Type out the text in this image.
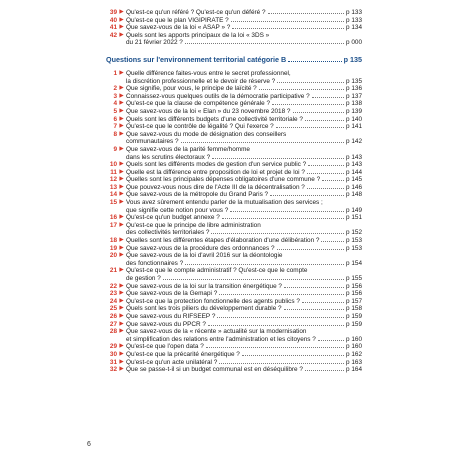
39 ▶ Qu'est-ce qu'un référé ? Qu'est-ce qu'un déféré ?	p 133
40 ▶ Qu'est-ce que le plan VIGIPIRATE ?	p 133
41 ▶ Que savez-vous de la loi « ASAP » ?	p 134
42 ▶ Quels sont les apports principaux de la loi « 3DS »
du 21 février 2022 ?	p 000
Questions sur l'environnement territorial catégorie B	p 135
1 ▶ Quelle différence faites-vous entre le secret professionnel,
la discrétion professionnelle et le devoir de réserve ?	p 135
2 ▶ Que signifie, pour vous, le principe de laïcité ?	p 136
3 ▶ Connaissez-vous quelques outils de la démocratie participative ?	p 137
4 ▶ Qu'est-ce que la clause de compétence générale ?	p 138
5 ▶ Que savez-vous de la loi « Elan » du 23 novembre 2018 ?	p 139
6 ▶ Quels sont les différents budgets d'une collectivité territoriale ?	p 140
7 ▶ Qu'est-ce que le contrôle de légalité ? Qui l'exerce ?	p 141
8 ▶ Que savez-vous du mode de désignation des conseillers
communautaires ?	p 142
9 ▶ Que savez-vous de la parité femme/homme
dans les scrutins électoraux ?	p 143
10 ▶ Quels sont les différents modes de gestion d'un service public ?	p 143
11 ▶ Quelle est la différence entre proposition de loi et projet de loi ?	p 144
12 ▶ Quelles sont les principales dépenses obligatoires d'une commune ?	p 145
13 ▶ Que pouvez-vous nous dire de l'Acte III de la décentralisation ?	p 146
14 ▶ Que savez-vous de la métropole du Grand Paris ?	p 148
15 ▶ Vous avez sûrement entendu parler de la mutualisation des services ;
que signifie cette notion pour vous ?	p 149
16 ▶ Qu'est-ce qu'un budget annexe ?	p 151
17 ▶ Qu'est-ce que le principe de libre administration
des collectivités territoriales ?	p 152
18 ▶ Quelles sont les différentes étapes d'élaboration d'une délibération ?	p 153
19 ▶ Que savez-vous de la procédure des ordonnances ?	p 153
20 ▶ Que savez-vous de la loi d'avril 2016 sur la déontologie
des fonctionnaires ?	p 154
21 ▶ Qu'est-ce que le compte administratif ? Qu'est-ce que le compte
de gestion ?	p 155
22 ▶ Que savez-vous de la loi sur la transition énergétique ?	p 156
23 ▶ Que savez-vous de la Gemapi ?	p 156
24 ▶ Qu'est-ce que la protection fonctionnelle des agents publics ?	p 157
25 ▶ Quels sont les trois piliers du développement durable ?	p 158
26 ▶ Que savez-vous du RIFSEEP ?	p 159
27 ▶ Que savez-vous du PPCR ?	p 159
28 ▶ Que savez-vous de la « récente » actualité sur la modernisation
et simplification des relations entre l'administration et les citoyens ?	p 160
29 ▶ Qu'est-ce que l'open data ?	p 160
30 ▶ Qu'est-ce que la précarité énergétique ?	p 162
31 ▶ Qu'est-ce qu'un acte unilatéral ?	p 163
32 ▶ Que se passe-t-il si un budget communal est en déséquilibre ?	p 164
6
